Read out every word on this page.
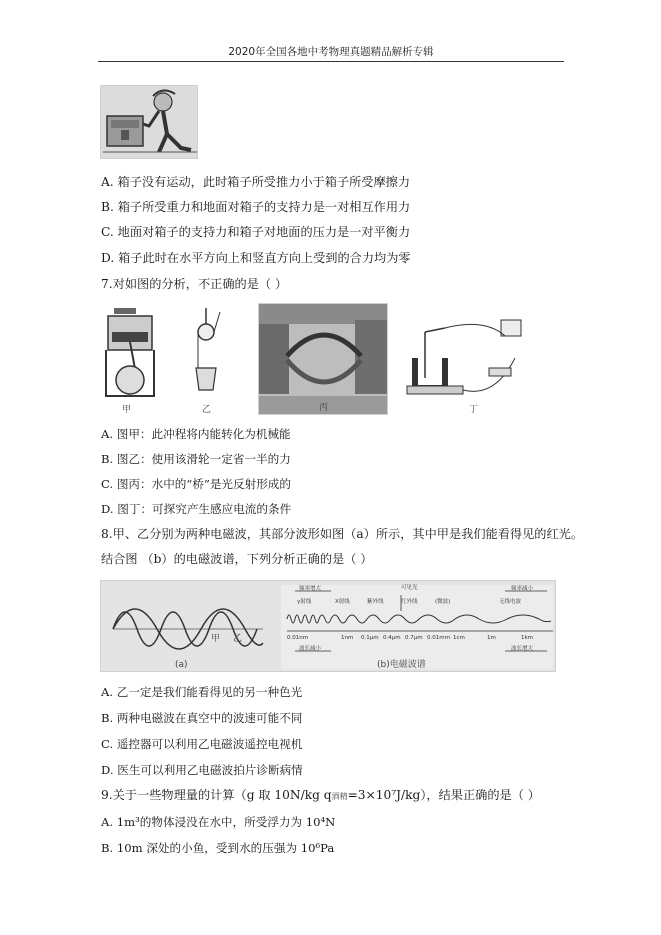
2020年全国各地中考物理真题精品解析专辑
A. 箱子没有运动，此时箱子所受推力小于箱子所受摩擦力
B. 箱子所受重力和地面对箱子的支持力是一对相互作用力
C. 地面对箱子的支持力和箱子对地面的压力是一对平衡力
D. 箱子此时在水平方向上和竖直方向上受到的合力均为零
7.对如图的分析，不正确的是（ ）
甲	乙	丙	丁
A. 图甲：此冲程将内能转化为机械能
B. 图乙：使用该滑轮一定省一半的力
C. 图丙：水中的“桥”是光反射形成的
D. 图丁：可探究产生感应电流的条件
8.甲、乙分别为两种电磁波，其部分波形如图（a）所示，其中甲是我们能看得见的红光。
结合图 （b）的电磁波谱，下列分析正确的是（ ）
甲 乙
(a)
频率增大	可见光	频率减小
γ射线	X射线	紫外线	红外线	(微波)	无线电波
0.01nm	1nm 0.1μm 0.4μm 0.7μm 0.01mm 1cm	1m	1km
波长减小	波长增大
(b)电磁波谱
A. 乙一定是我们能看得见的另一种色光
B. 两种电磁波在真空中的波速可能不同
C. 遥控器可以利用乙电磁波遥控电视机
D. 医生可以利用乙电磁波拍片诊断病情
9.关于一些物理量的计算（g 取 10N/kg q酒精=3×10⁷J/kg），结果正确的是（ ）
A. 1m³的物体浸没在水中，所受浮力为 10⁴N
B. 10m 深处的小鱼，受到水的压强为 10⁶Pa
